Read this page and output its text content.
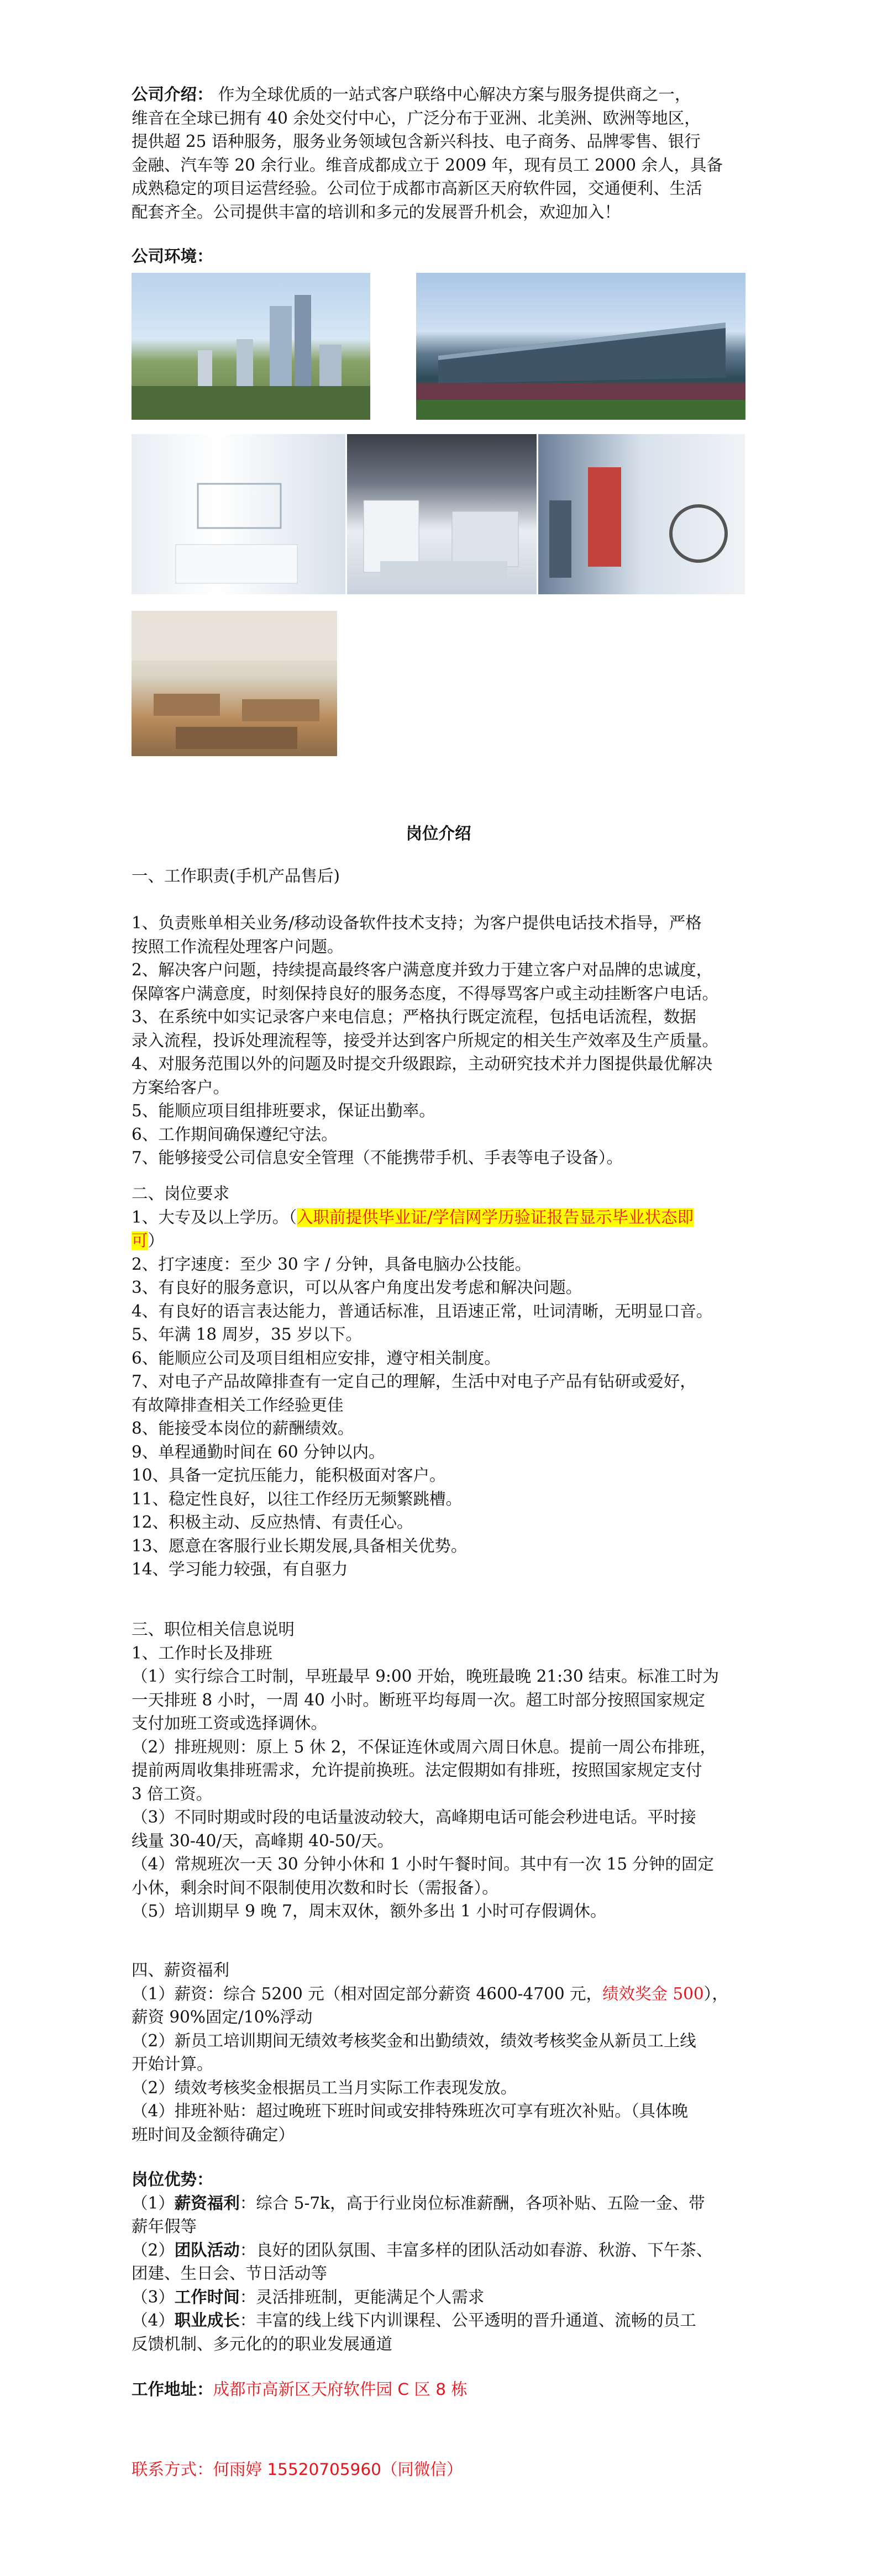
公司介绍： 作为全球优质的一站式客户联络中心解决方案与服务提供商之一，
维音在全球已拥有 40 余处交付中心，广泛分布于亚洲、北美洲、欧洲等地区，
提供超 25 语种服务，服务业务领域包含新兴科技、电子商务、品牌零售、银行
金融、汽车等 20 余行业。维音成都成立于 2009 年，现有员工 2000 余人，具备
成熟稳定的项目运营经验。公司位于成都市高新区天府软件园，交通便利、生活
配套齐全。公司提供丰富的培训和多元的发展晋升机会，欢迎加入！
公司环境：
岗位介绍
一、工作职责(手机产品售后)

1、负责账单相关业务/移动设备软件技术支持；为客户提供电话技术指导，严格
按照工作流程处理客户问题。
2、解决客户问题，持续提高最终客户满意度并致力于建立客户对品牌的忠诚度，
保障客户满意度，时刻保持良好的服务态度，不得辱骂客户或主动挂断客户电话。
3、在系统中如实记录客户来电信息；严格执行既定流程，包括电话流程，数据
录入流程，投诉处理流程等，接受并达到客户所规定的相关生产效率及生产质量。
4、对服务范围以外的问题及时提交升级跟踪，主动研究技术并力图提供最优解决
方案给客户。
5、能顺应项目组排班要求，保证出勤率。
6、工作期间确保遵纪守法。
7、能够接受公司信息安全管理（不能携带手机、手表等电子设备）。
二、岗位要求
1、大专及以上学历。（入职前提供毕业证/学信网学历验证报告显示毕业状态即
可）
2、打字速度：至少 30 字 / 分钟，具备电脑办公技能。
3、有良好的服务意识，可以从客户角度出发考虑和解决问题。
4、有良好的语言表达能力，普通话标准，且语速正常，吐词清晰，无明显口音。
5、年满 18 周岁，35 岁以下。
6、能顺应公司及项目组相应安排，遵守相关制度。
7、对电子产品故障排查有一定自己的理解，生活中对电子产品有钻研或爱好，
有故障排查相关工作经验更佳
8、能接受本岗位的薪酬绩效。
9、单程通勤时间在 60 分钟以内。
10、具备一定抗压能力，能积极面对客户。
11、稳定性良好，以往工作经历无频繁跳槽。
12、积极主动、反应热情、有责任心。
13、愿意在客服行业长期发展,具备相关优势。
14、学习能力较强，有自驱力
三、职位相关信息说明
1、工作时长及排班
（1）实行综合工时制，早班最早 9:00 开始，晚班最晚 21:30 结束。标准工时为
一天排班 8 小时，一周 40 小时。断班平均每周一次。超工时部分按照国家规定
支付加班工资或选择调休。
（2）排班规则：原上 5 休 2，不保证连休或周六周日休息。提前一周公布排班，
提前两周收集排班需求，允许提前换班。法定假期如有排班，按照国家规定支付
3 倍工资。
（3）不同时期或时段的电话量波动较大，高峰期电话可能会秒进电话。平时接
线量 30-40/天，高峰期 40-50/天。
（4）常规班次一天 30 分钟小休和 1 小时午餐时间。其中有一次 15 分钟的固定
小休，剩余时间不限制使用次数和时长（需报备）。
（5）培训期早 9 晚 7，周末双休，额外多出 1 小时可存假调休。
四、薪资福利
（1）薪资：综合 5200 元（相对固定部分薪资 4600-4700 元，绩效奖金 500），
薪资 90%固定/10%浮动
（2）新员工培训期间无绩效考核奖金和出勤绩效，绩效考核奖金从新员工上线
开始计算。
（2）绩效考核奖金根据员工当月实际工作表现发放。
（4）排班补贴：超过晚班下班时间或安排特殊班次可享有班次补贴。（具体晚
班时间及金额待确定）
岗位优势：
（1）薪资福利：综合 5-7k，高于行业岗位标准薪酬，各项补贴、五险一金、带
薪年假等
（2）团队活动：良好的团队氛围、丰富多样的团队活动如春游、秋游、下午茶、
团建、生日会、节日活动等
（3）工作时间：灵活排班制，更能满足个人需求
（4）职业成长：丰富的线上线下内训课程、公平透明的晋升通道、流畅的员工
反馈机制、多元化的的职业发展通道
工作地址：成都市高新区天府软件园 C 区 8 栋
联系方式：何雨婷 15520705960（同微信）
